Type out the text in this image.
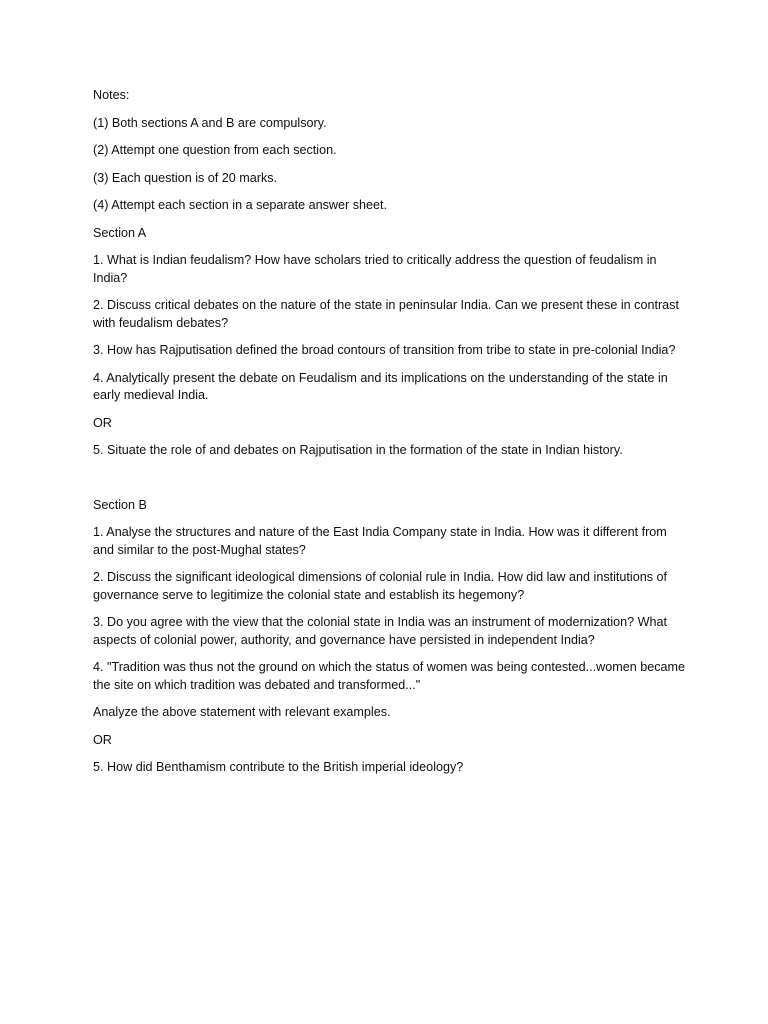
Notes:

(1) Both sections A and B are compulsory.

(2) Attempt one question from each section.

(3) Each question is of 20 marks.

(4) Attempt each section in a separate answer sheet.

Section A

1. What is Indian feudalism? How have scholars tried to critically address the question of feudalism in India?

2. Discuss critical debates on the nature of the state in peninsular India. Can we present these in contrast with feudalism debates?

3. How has Rajputisation defined the broad contours of transition from tribe to state in pre-colonial India?

4. Analytically present the debate on Feudalism and its implications on the understanding of the state in early medieval India.

OR

5. Situate the role of and debates on Rajputisation in the formation of the state in Indian history.

Section B

1. Analyse the structures and nature of the East India Company state in India. How was it different from and similar to the post-Mughal states?

2. Discuss the significant ideological dimensions of colonial rule in India. How did law and institutions of governance serve to legitimize the colonial state and establish its hegemony?

3. Do you agree with the view that the colonial state in India was an instrument of modernization? What aspects of colonial power, authority, and governance have persisted in independent India?

4. "Tradition was thus not the ground on which the status of women was being contested...women became the site on which tradition was debated and transformed..."

Analyze the above statement with relevant examples.

OR

5. How did Benthamism contribute to the British imperial ideology?
